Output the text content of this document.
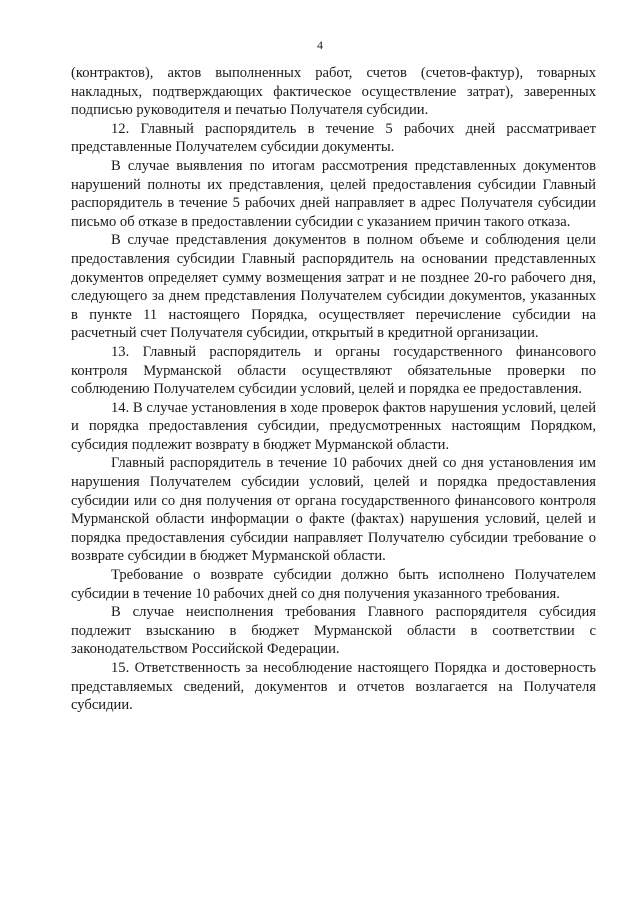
4

(контрактов), актов выполненных работ, счетов (счетов-фактур), товарных накладных, подтверждающих фактическое осуществление затрат), заверенных подписью руководителя и печатью Получателя субсидии.

12. Главный распорядитель в течение 5 рабочих дней рассматривает представленные Получателем субсидии документы.

В случае выявления по итогам рассмотрения представленных документов нарушений полноты их представления, целей предоставления субсидии Главный распорядитель в течение 5 рабочих дней направляет в адрес Получателя субсидии письмо об отказе в предоставлении субсидии с указанием причин такого отказа.

В случае представления документов в полном объеме и соблюдения цели предоставления субсидии Главный распорядитель на основании представленных документов определяет сумму возмещения затрат и не позднее 20-го рабочего дня, следующего за днем представления Получателем субсидии документов, указанных в пункте 11 настоящего Порядка, осуществляет перечисление субсидии на расчетный счет Получателя субсидии, открытый в кредитной организации.

13. Главный распорядитель и органы государственного финансового контроля Мурманской области осуществляют обязательные проверки по соблюдению Получателем субсидии условий, целей и порядка ее предоставления.

14. В случае установления в ходе проверок фактов нарушения условий, целей и порядка предоставления субсидии, предусмотренных настоящим Порядком, субсидия подлежит возврату в бюджет Мурманской области.

Главный распорядитель в течение 10 рабочих дней со дня установления им нарушения Получателем субсидии условий, целей и порядка предоставления субсидии или со дня получения от органа государственного финансового контроля Мурманской области информации о факте (фактах) нарушения условий, целей и порядка предоставления субсидии направляет Получателю субсидии требование о возврате субсидии в бюджет Мурманской области.

Требование о возврате субсидии должно быть исполнено Получателем субсидии в течение 10 рабочих дней со дня получения указанного требования.

В случае неисполнения требования Главного распорядителя субсидия подлежит взысканию в бюджет Мурманской области в соответствии с законодательством Российской Федерации.

15. Ответственность за несоблюдение настоящего Порядка и достоверность представляемых сведений, документов и отчетов возлагается на Получателя субсидии.
